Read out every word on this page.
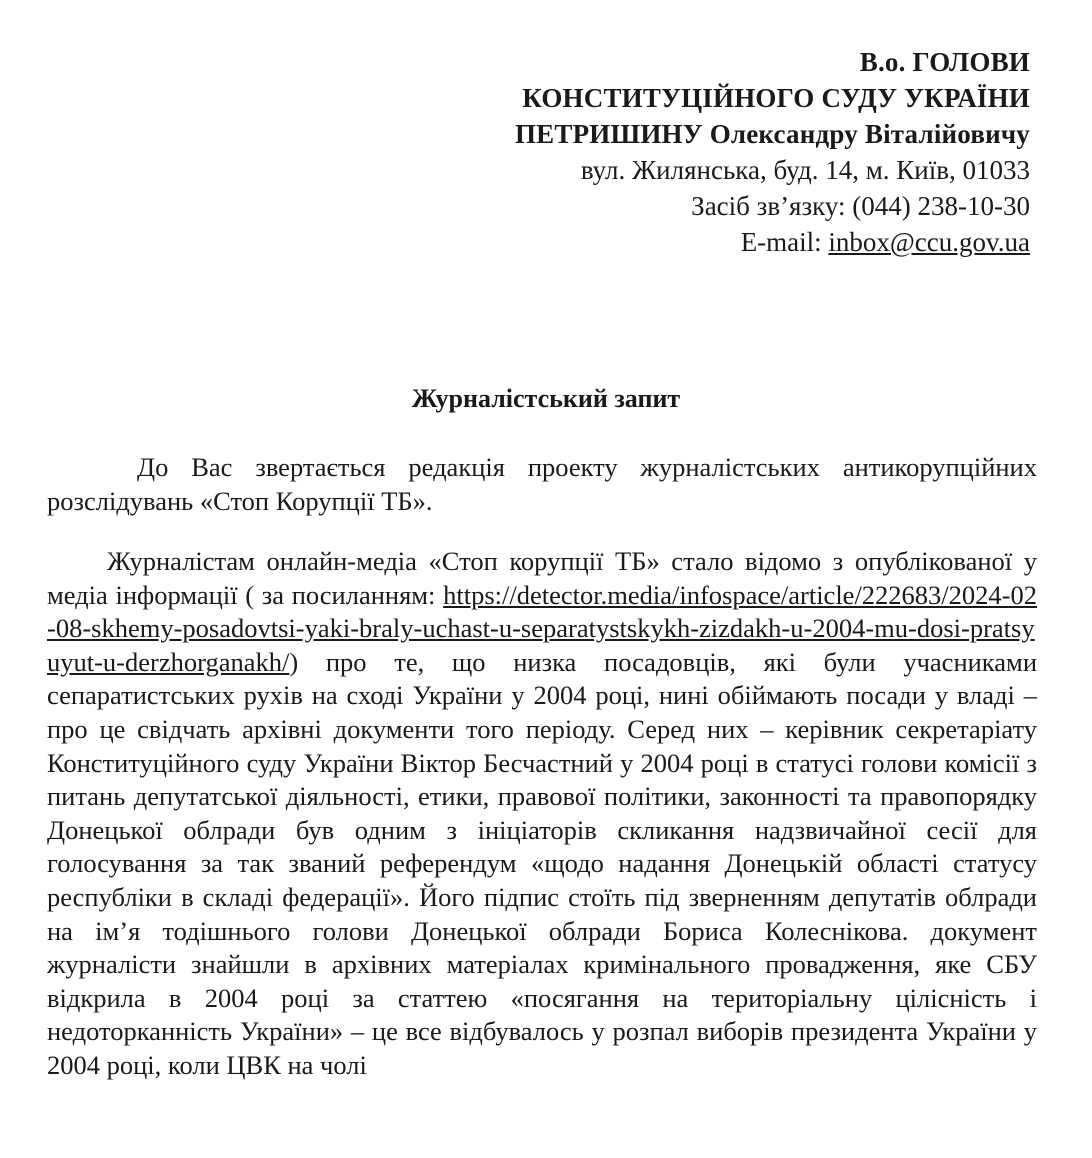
В.о. ГОЛОВИ
КОНСТИТУЦІЙНОГО СУДУ УКРАЇНИ
ПЕТРИШИНУ Олександру Віталійовичу
вул. Жилянська, буд. 14, м. Київ, 01033
Засіб зв’язку: (044) 238-10-30
E-mail: inbox@ccu.gov.ua
Журналістський запит
До Вас звертається редакція проекту журналістських антикорупційних розслідувань «Стоп Корупції ТБ».
Журналістам онлайн-медіа «Стоп корупції ТБ» стало відомо з опублікованої у медіа інформації ( за посиланням: https://detector.media/infospace/article/222683/2024-02-08-skhemy-posadovtsi-yaki-braly-uchast-u-separatystskykh-zizdakh-u-2004-mu-dosi-pratsyuyut-u-derzhorganakh/) про те, що низка посадовців, які були учасниками сепаратистських рухів на сході України у 2004 році, нині обіймають посади у владі – про це свідчать архівні документи того періоду. Серед них – керівник секретаріату Конституційного суду України Віктор Бесчастний у 2004 році в статусі голови комісії з питань депутатської діяльності, етики, правової політики, законності та правопорядку Донецької облради був одним з ініціаторів скликання надзвичайної сесії для голосування за так званий референдум «щодо надання Донецькій області статусу республіки в складі федерації». Його підпис стоїть під зверненням депутатів облради на ім’я тодішнього голови Донецької облради Бориса Колеснікова. документ журналісти знайшли в архівних матеріалах кримінального провадження, яке СБУ відкрила в 2004 році за статтею «посягання на територіальну цілісність і недоторканність України» – це все відбувалось у розпал виборів президента України у 2004 році, коли ЦВК на чолі
